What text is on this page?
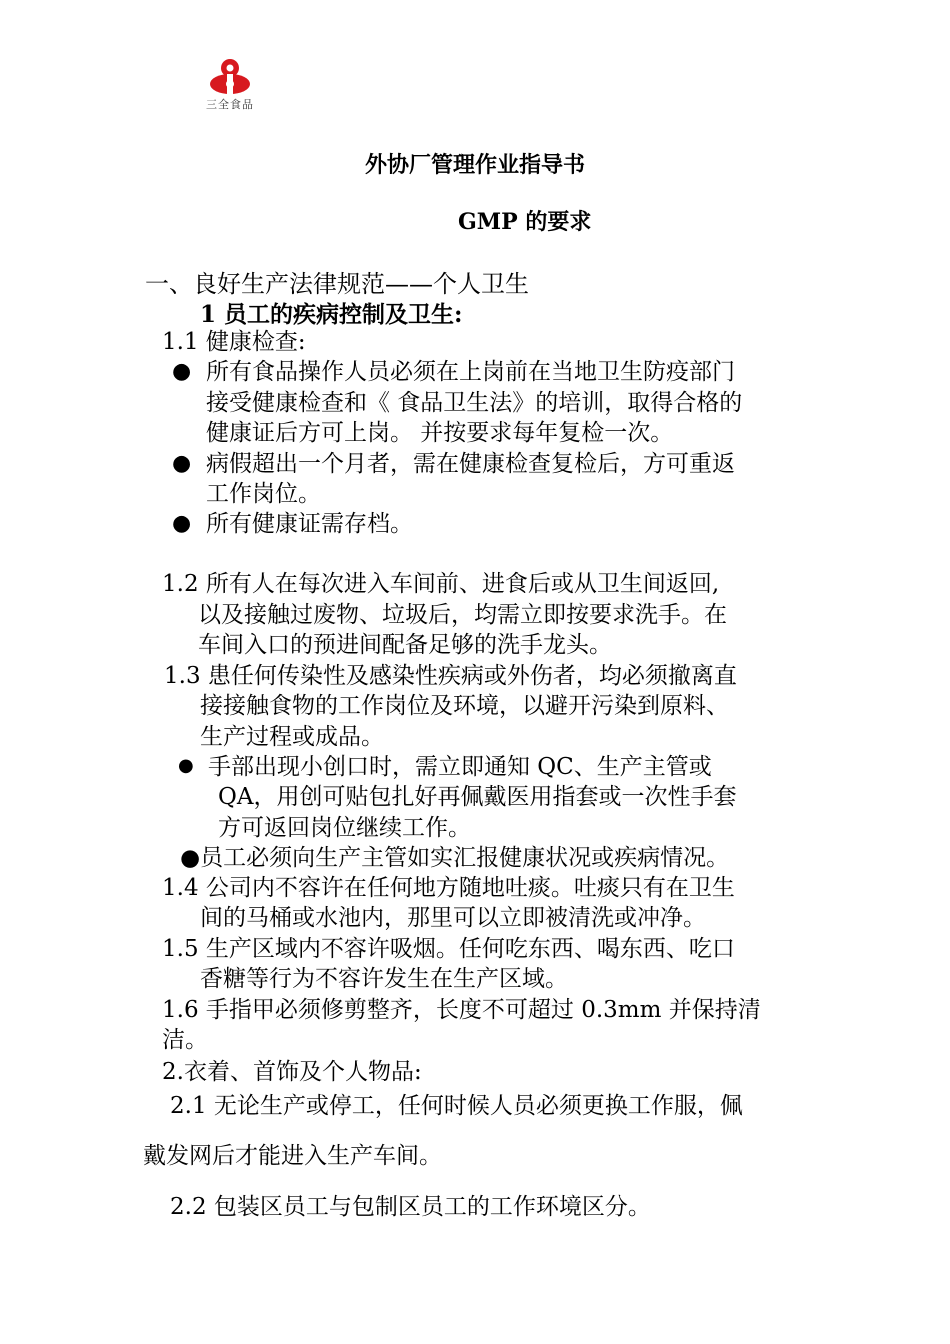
三全食品
外协厂管理作业指导书
GMP 的要求
一、良好生产法律规范——个人卫生
1 员工的疾病控制及卫生:
1.1 健康检查:
● 所有食品操作人员必须在上岗前在当地卫生防疫部门
接受健康检查和《 食品卫生法》的培训，取得合格的
健康证后方可上岗。 并按要求每年复检一次。
● 病假超出一个月者，需在健康检查复检后，方可重返
工作岗位。
● 所有健康证需存档。
1.2 所有人在每次进入车间前、进食后或从卫生间返回,
以及接触过废物、垃圾后，均需立即按要求洗手。在
车间入口的预进间配备足够的洗手龙头。
1.3 患任何传染性及感染性疾病或外伤者，均必须撤离直
接接触食物的工作岗位及环境，以避开污染到原料、
生产过程或成品。
● 手部出现小创口时，需立即通知 QC、生产主管或
QA，用创可贴包扎好再佩戴医用指套或一次性手套
方可返回岗位继续工作。
●员工必须向生产主管如实汇报健康状况或疾病情况。
1.4 公司内不容许在任何地方随地吐痰。吐痰只有在卫生
间的马桶或水池内，那里可以立即被清洗或冲净。
1.5 生产区域内不容许吸烟。任何吃东西、喝东西、吃口
香糖等行为不容许发生在生产区域。
1.6 手指甲必须修剪整齐，长度不可超过 0.3mm 并保持清
洁。
2.衣着、首饰及个人物品:
2.1 无论生产或停工，任何时候人员必须更换工作服，佩
戴发网后才能进入生产车间。
2.2 包装区员工与包制区员工的工作环境区分。
